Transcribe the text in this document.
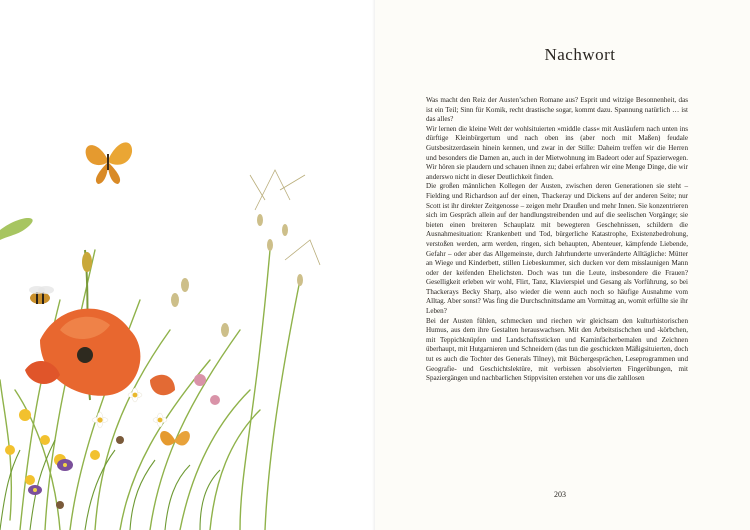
Nachwort

Was macht den Reiz der Austen’schen Romane aus? Esprit und witzige Besonnenheit, das ist ein Teil; Sinn für Komik, recht drastische sogar, kommt dazu. Spannung natürlich … ist das alles?

Wir lernen die kleine Welt der wohlsituierten »middle class« mit Ausläufern nach unten ins dürftige Kleinbürgertum und nach oben ins (aber noch mit Maßen) feudale Gutsbesitzerdasein hinein kennen, und zwar in der Stille: Daheim treffen wir die Herren und besonders die Damen an, auch in der Mietwohnung im Badeort oder auf Spazierwegen. Wir hören sie plaudern und schauen ihnen zu; dabei erfahren wir eine Menge Dinge, die wir anderswo nicht in dieser Deutlichkeit finden.

Die großen männlichen Kollegen der Austen, zwischen deren Generationen sie steht – Fielding und Richardson auf der einen, Thackeray und Dickens auf der anderen Seite; nur Scott ist ihr direkter Zeitgenosse – zeigen mehr Draußen und mehr Innen. Sie konzentrieren sich im Gespräch allein auf der handlungstreibenden und auf die seelischen Vorgänge; sie bieten einen breiteren Schauplatz mit bewegteren Geschehnissen, schildern die Ausnahmesituation: Krankenbett und Tod, bürgerliche Katastrophe, Existenzbedrohung, verstoßen werden, arm werden, ringen, sich behaupten, Abenteuer, kämpfende Liebende, Gefahr – oder aber das Allgemeinste, durch Jahrhunderte unveränderte Alltägliche: Mütter an Wiege und Kinderbett, stillen Liebeskummer, sich ducken vor dem misslaunigen Mann oder der keifenden Ehelichsten. Doch was tun die Leute, insbesondere die Frauen? Geselligkeit erleben wir wohl, Flirt, Tanz, Klavierspiel und Gesang als Vorführung, so bei Thackerays Becky Sharp, also wieder die wenn auch noch so häufige Ausnahme vom Alltag. Aber sonst? Was fing die Durchschnittsdame am Vormittag an, womit erfüllte sie ihr Leben?

Bei der Austen fühlen, schmecken und riechen wir gleichsam den kulturhistorischen Humus, aus dem ihre Gestalten herauswachsen. Mit den Arbeitstischchen und -körbchen, mit Teppichknüpfen und Landschaftssticken und Kaminfächerbemalen und Zeichnen überhaupt, mit Hutgarnieren und Schneidern (das tun die geschickten Mäßigsituierten, doch tut es auch die Tochter des Generals Tilney), mit Büchergesprächen, Leseprogrammen und Geografie- und Geschichtslektüre, mit verbissen absolvierten Fingerübungen, mit Spaziergängen und nachbarlichen Stippvisiten erstehen vor uns die zahllosen

203
